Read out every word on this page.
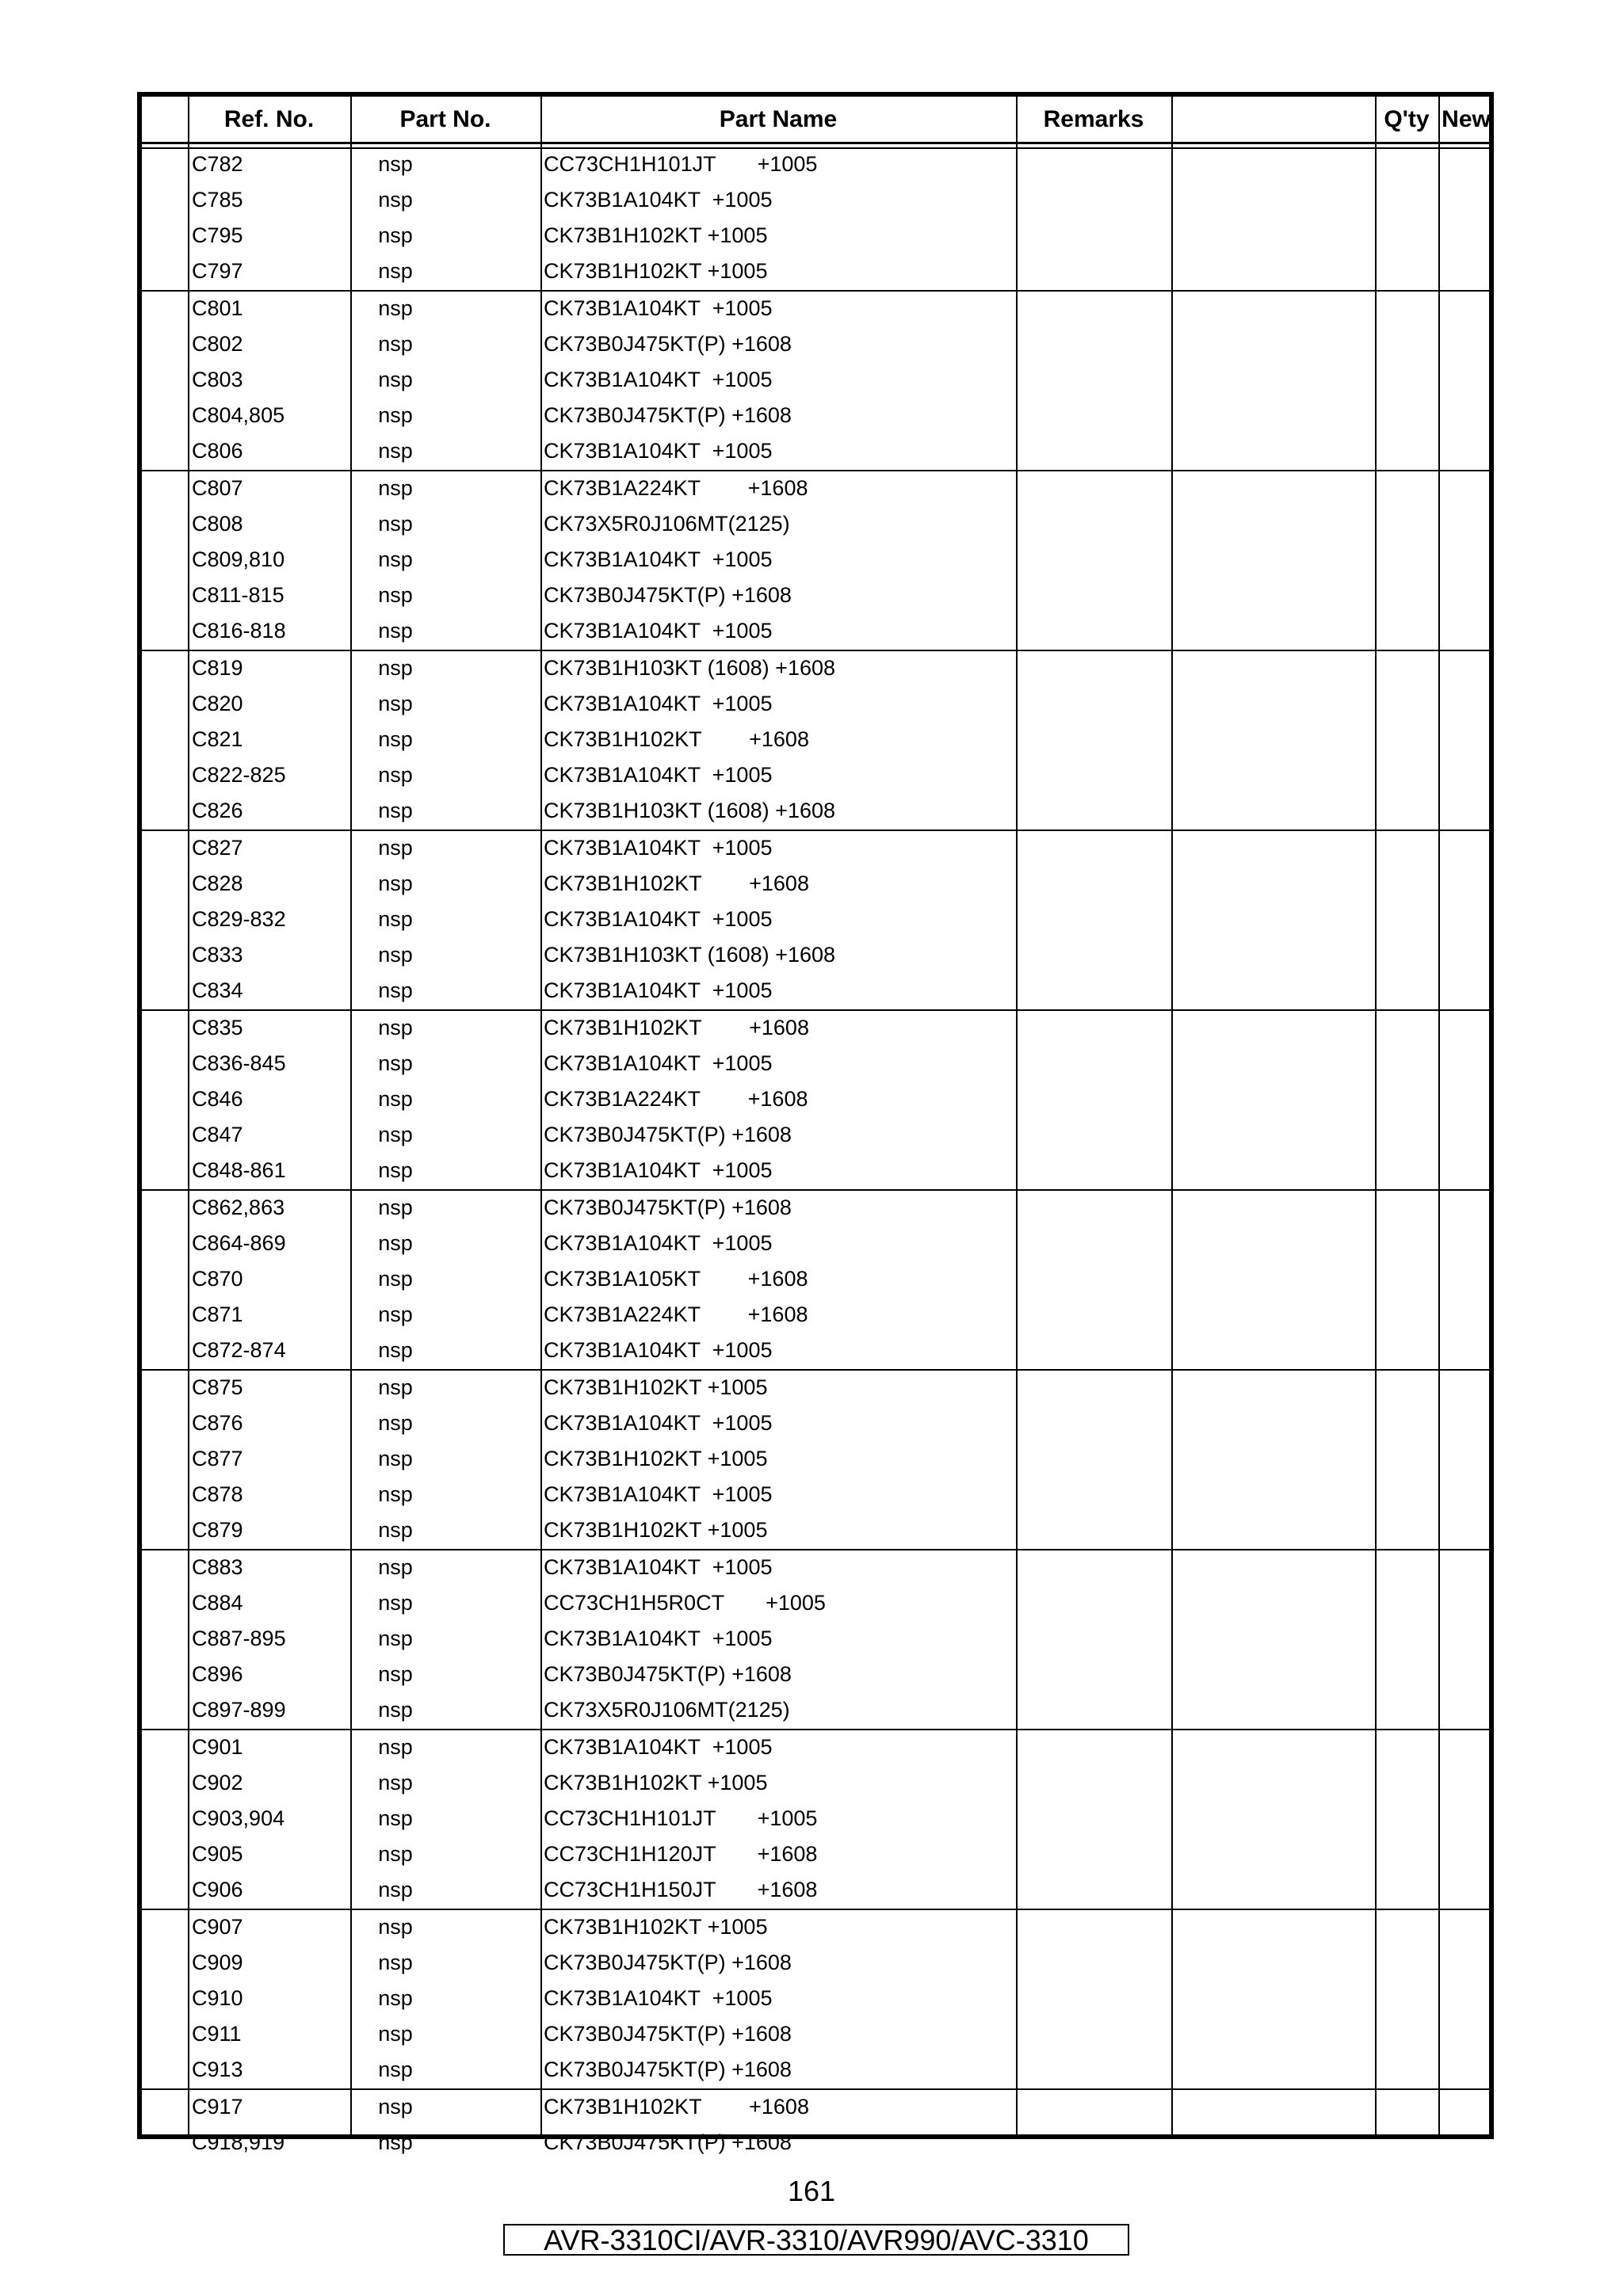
Ref. No.	Part No.	Part Name	Remarks	Q'ty New
C782	nsp	CC73CH1H101JT       +1005
C785	nsp	CK73B1A104KT  +1005
C795	nsp	CK73B1H102KT +1005
C797	nsp	CK73B1H102KT +1005
C801	nsp	CK73B1A104KT  +1005
C802	nsp	CK73B0J475KT(P) +1608
C803	nsp	CK73B1A104KT  +1005
C804,805	nsp	CK73B0J475KT(P) +1608
C806	nsp	CK73B1A104KT  +1005
C807	nsp	CK73B1A224KT        +1608
C808	nsp	CK73X5R0J106MT(2125)
C809,810	nsp	CK73B1A104KT  +1005
C811-815	nsp	CK73B0J475KT(P) +1608
C816-818	nsp	CK73B1A104KT  +1005
C819	nsp	CK73B1H103KT (1608) +1608
C820	nsp	CK73B1A104KT  +1005
C821	nsp	CK73B1H102KT        +1608
C822-825	nsp	CK73B1A104KT  +1005
C826	nsp	CK73B1H103KT (1608) +1608
C827	nsp	CK73B1A104KT  +1005
C828	nsp	CK73B1H102KT        +1608
C829-832	nsp	CK73B1A104KT  +1005
C833	nsp	CK73B1H103KT (1608) +1608
C834	nsp	CK73B1A104KT  +1005
C835	nsp	CK73B1H102KT        +1608
C836-845	nsp	CK73B1A104KT  +1005
C846	nsp	CK73B1A224KT        +1608
C847	nsp	CK73B0J475KT(P) +1608
C848-861	nsp	CK73B1A104KT  +1005
C862,863	nsp	CK73B0J475KT(P) +1608
C864-869	nsp	CK73B1A104KT  +1005
C870	nsp	CK73B1A105KT        +1608
C871	nsp	CK73B1A224KT        +1608
C872-874	nsp	CK73B1A104KT  +1005
C875	nsp	CK73B1H102KT +1005
C876	nsp	CK73B1A104KT  +1005
C877	nsp	CK73B1H102KT +1005
C878	nsp	CK73B1A104KT  +1005
C879	nsp	CK73B1H102KT +1005
C883	nsp	CK73B1A104KT  +1005
C884	nsp	CC73CH1H5R0CT       +1005
C887-895	nsp	CK73B1A104KT  +1005
C896	nsp	CK73B0J475KT(P) +1608
C897-899	nsp	CK73X5R0J106MT(2125)
C901	nsp	CK73B1A104KT  +1005
C902	nsp	CK73B1H102KT +1005
C903,904	nsp	CC73CH1H101JT       +1005
C905	nsp	CC73CH1H120JT       +1608
C906	nsp	CC73CH1H150JT       +1608
C907	nsp	CK73B1H102KT +1005
C909	nsp	CK73B0J475KT(P) +1608
C910	nsp	CK73B1A104KT  +1005
C911	nsp	CK73B0J475KT(P) +1608
C913	nsp	CK73B0J475KT(P) +1608
C917	nsp	CK73B1H102KT        +1608
C918,919	nsp	CK73B0J475KT(P) +1608
161
AVR-3310CI/AVR-3310/AVR990/AVC-3310
